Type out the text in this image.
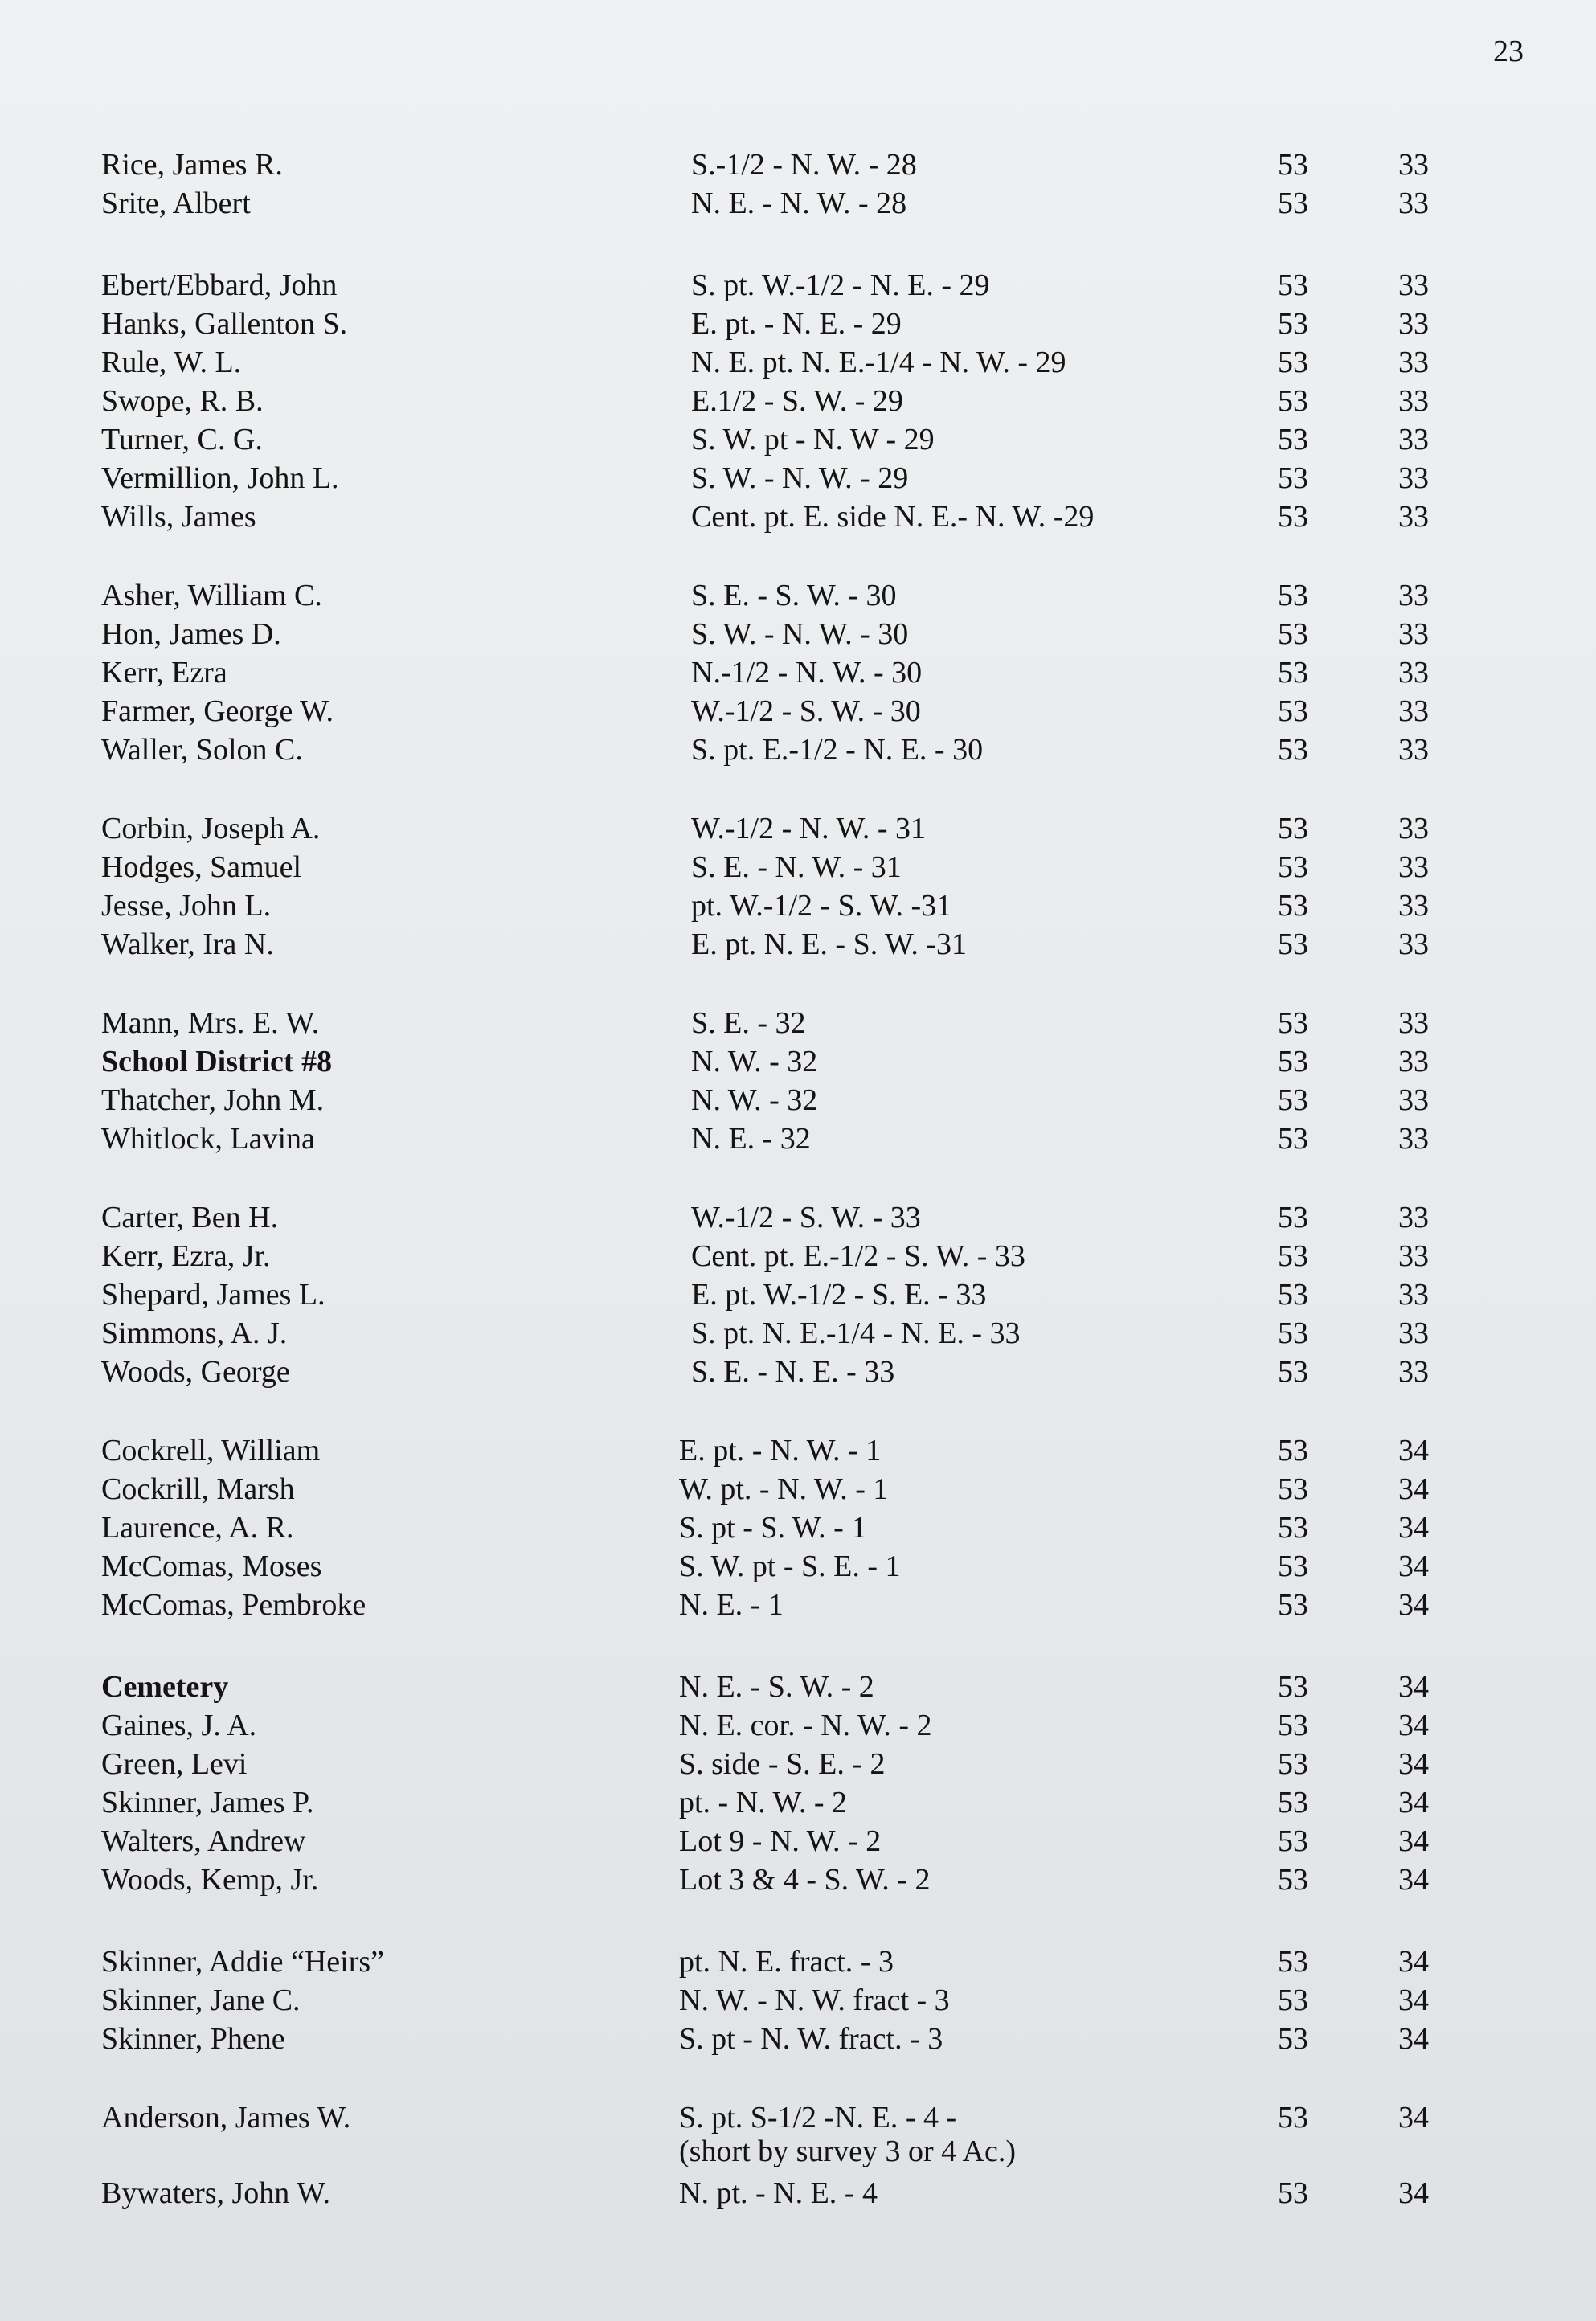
23
Rice, James R.	S.-1/2 - N. W. - 28	53	33
Srite, Albert	N. E. - N. W. - 28	53	33
Ebert/Ebbard, John	S. pt. W.-1/2 - N. E. - 29	53	33
Hanks, Gallenton S.	E. pt. - N. E. - 29	53	33
Rule, W. L.	N. E. pt. N. E.-1/4 - N. W. - 29	53	33
Swope, R. B.	E.1/2 - S. W. - 29	53	33
Turner, C. G.	S. W. pt - N. W - 29	53	33
Vermillion, John L.	S. W. - N. W. - 29	53	33
Wills, James	Cent. pt. E. side N. E.- N. W. -29	53	33
Asher, William C.	S. E. - S. W. - 30	53	33
Hon, James D.	S. W. - N. W. - 30	53	33
Kerr, Ezra	N.-1/2 - N. W. - 30	53	33
Farmer, George W.	W.-1/2 - S. W. - 30	53	33
Waller, Solon C.	S. pt. E.-1/2 - N. E. - 30	53	33
Corbin, Joseph A.	W.-1/2 - N. W. - 31	53	33
Hodges, Samuel	S. E. - N. W. - 31	53	33
Jesse, John L.	pt. W.-1/2 - S. W. -31	53	33
Walker, Ira N.	E. pt. N. E. - S. W. -31	53	33
Mann, Mrs. E. W.	S. E. - 32	53	33
School District #8	N. W. - 32	53	33
Thatcher, John M.	N. W. - 32	53	33
Whitlock, Lavina	N. E. - 32	53	33
Carter, Ben H.	W.-1/2 - S. W. - 33	53	33
Kerr, Ezra, Jr.	Cent. pt. E.-1/2 - S. W. - 33	53	33
Shepard, James L.	E. pt. W.-1/2 - S. E. - 33	53	33
Simmons, A. J.	S. pt. N. E.-1/4 - N. E. - 33	53	33
Woods, George	S. E. - N. E. - 33	53	33
Cockrell, William	E. pt. - N. W. - 1	53	34
Cockrill, Marsh	W. pt. - N. W. - 1	53	34
Laurence, A. R.	S. pt - S. W. - 1	53	34
McComas, Moses	S. W. pt - S. E. - 1	53	34
McComas, Pembroke	N. E. - 1	53	34
Cemetery	N. E. - S. W. - 2	53	34
Gaines, J. A.	N. E. cor. - N. W. - 2	53	34
Green, Levi	S. side - S. E. - 2	53	34
Skinner, James P.	pt. - N. W. - 2	53	34
Walters, Andrew	Lot 9 - N. W. - 2	53	34
Woods, Kemp, Jr.	Lot 3 & 4 - S. W. - 2	53	34
Skinner, Addie “Heirs”	pt. N. E. fract. - 3	53	34
Skinner, Jane C.	N. W. - N. W. fract - 3	53	34
Skinner, Phene	S. pt - N. W. fract. - 3	53	34
Anderson, James W.	S. pt. S-1/2 -N. E. - 4 -	53	34
(short by survey 3 or 4 Ac.)
Bywaters, John W.	N. pt. - N. E. - 4	53	34
